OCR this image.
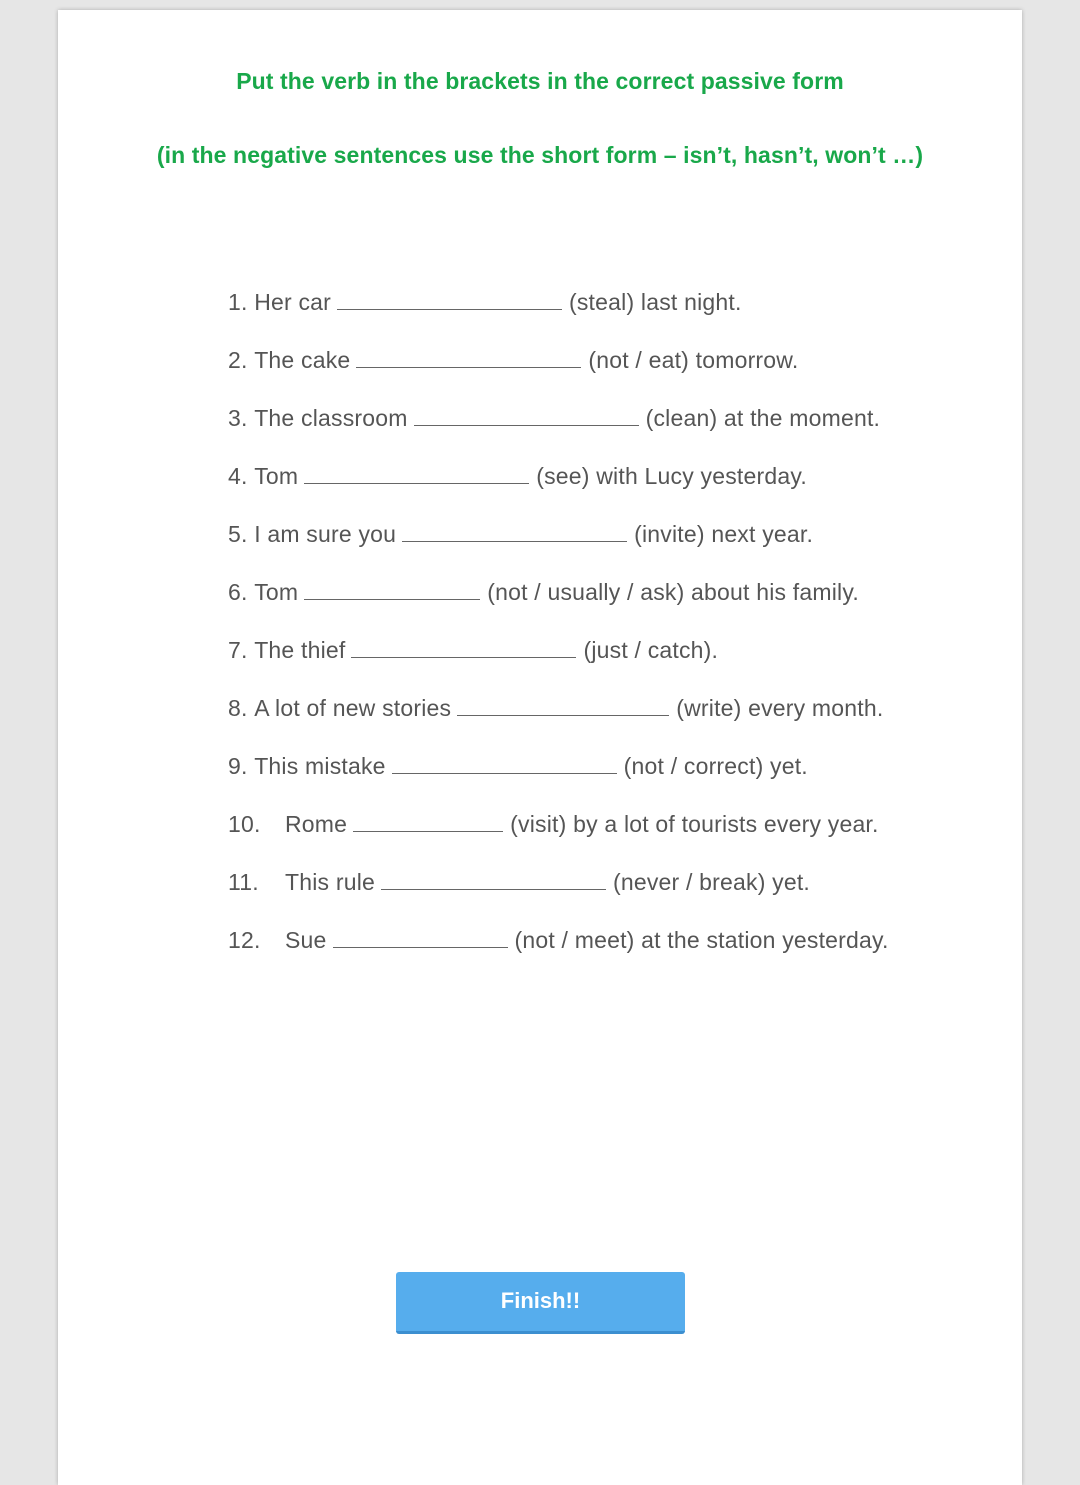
Put the verb in the brackets in the correct passive form
(in the negative sentences use the short form – isn’t, hasn’t, won’t …)
1.
Her car	(steal) last night.
2.
The cake	(not / eat) tomorrow.
3.
The classroom	(clean) at the moment.
4.
Tom	(see) with Lucy yesterday.
5.
I am sure you	(invite) next year.
6.
Tom	(not / usually / ask) about his family.
7.
The thief	(just / catch).
8.
A lot of new stories	(write) every month.
9.
This mistake	(not / correct) yet.
10.	Rome	(visit) by a lot of tourists every year.
11.	This rule	(never / break) yet.
12.	Sue	(not / meet) at the station yesterday.
Finish!!
